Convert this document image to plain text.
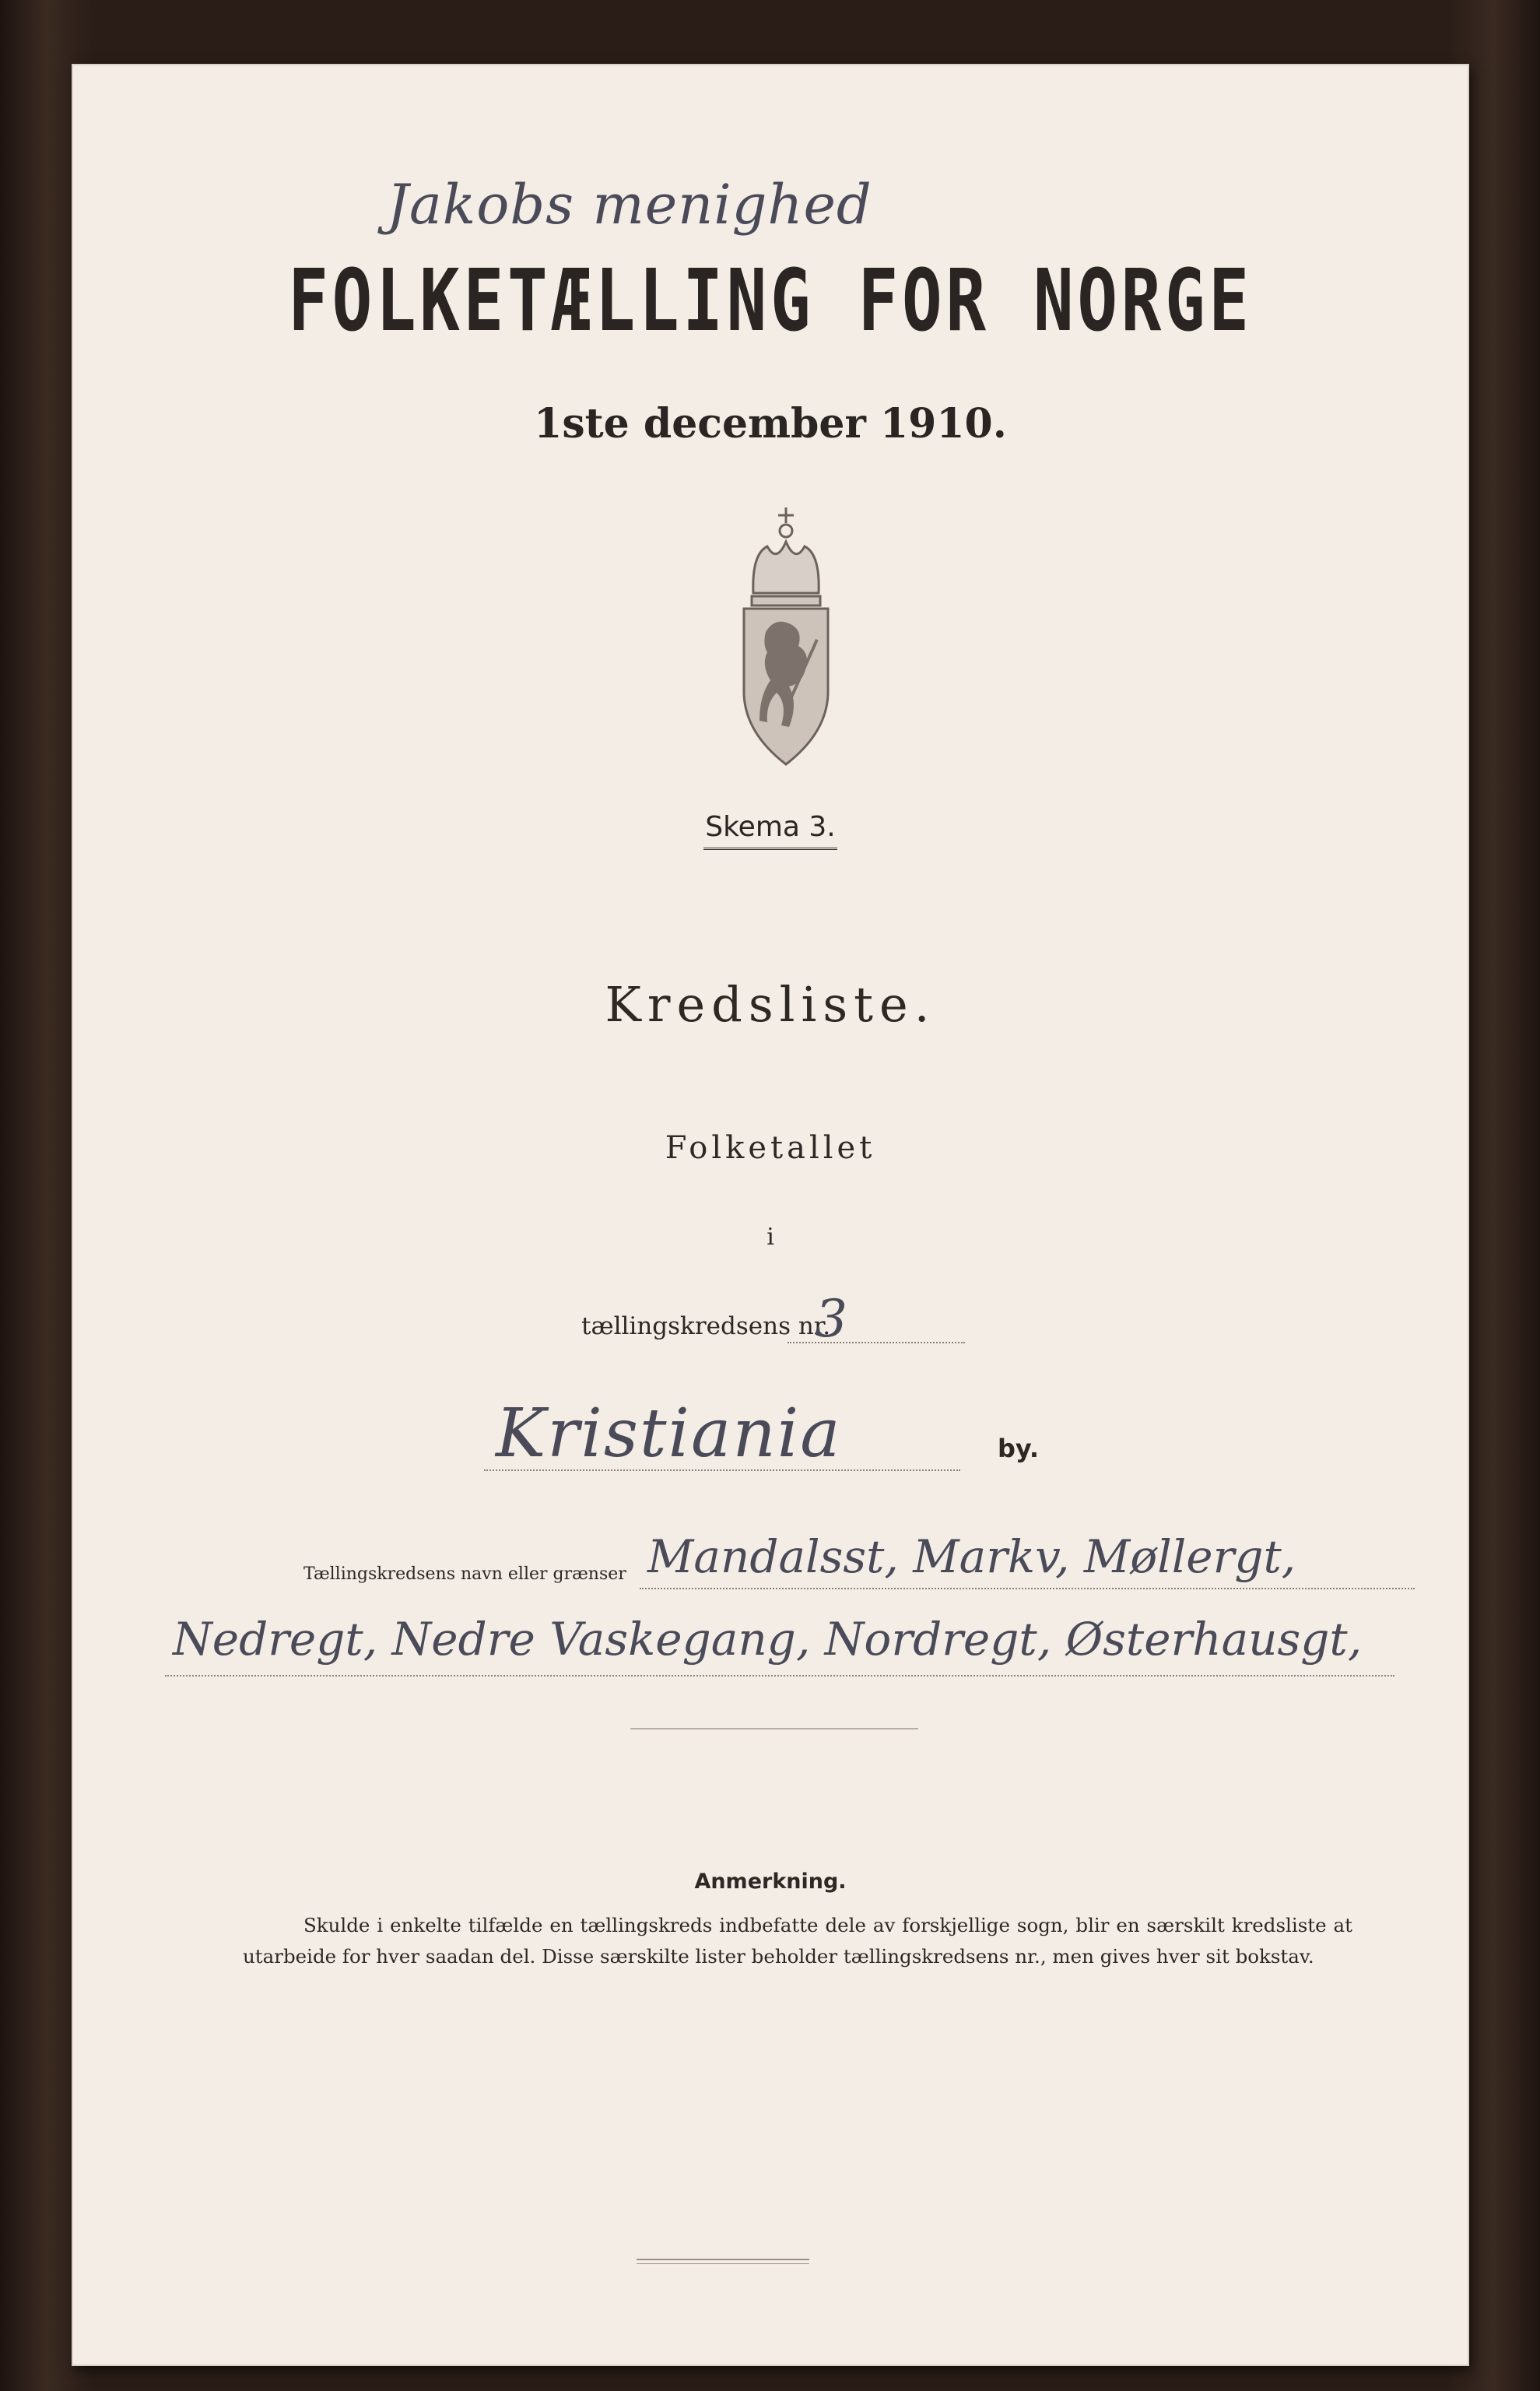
Jakobs menighed
FOLKETÆLLING FOR NORGE
1ste december 1910.
Skema 3.
Kredsliste.
Folketallet
i
tællingskredsens nr.
3
Kristiania	by.
Tællingskredsens navn eller grænser Mandalsst, Markv, Møllergt,
Nedregt, Nedre Vaskegang, Nordregt, Østerhausgt,
Anmerkning.
Skulde i enkelte tilfælde en tællingskreds indbefatte dele av forskjellige sogn, blir en særskilt kredsliste at utarbeide for hver saadan del. Disse særskilte lister beholder tællingskredsens nr., men gives hver sit bokstav.
